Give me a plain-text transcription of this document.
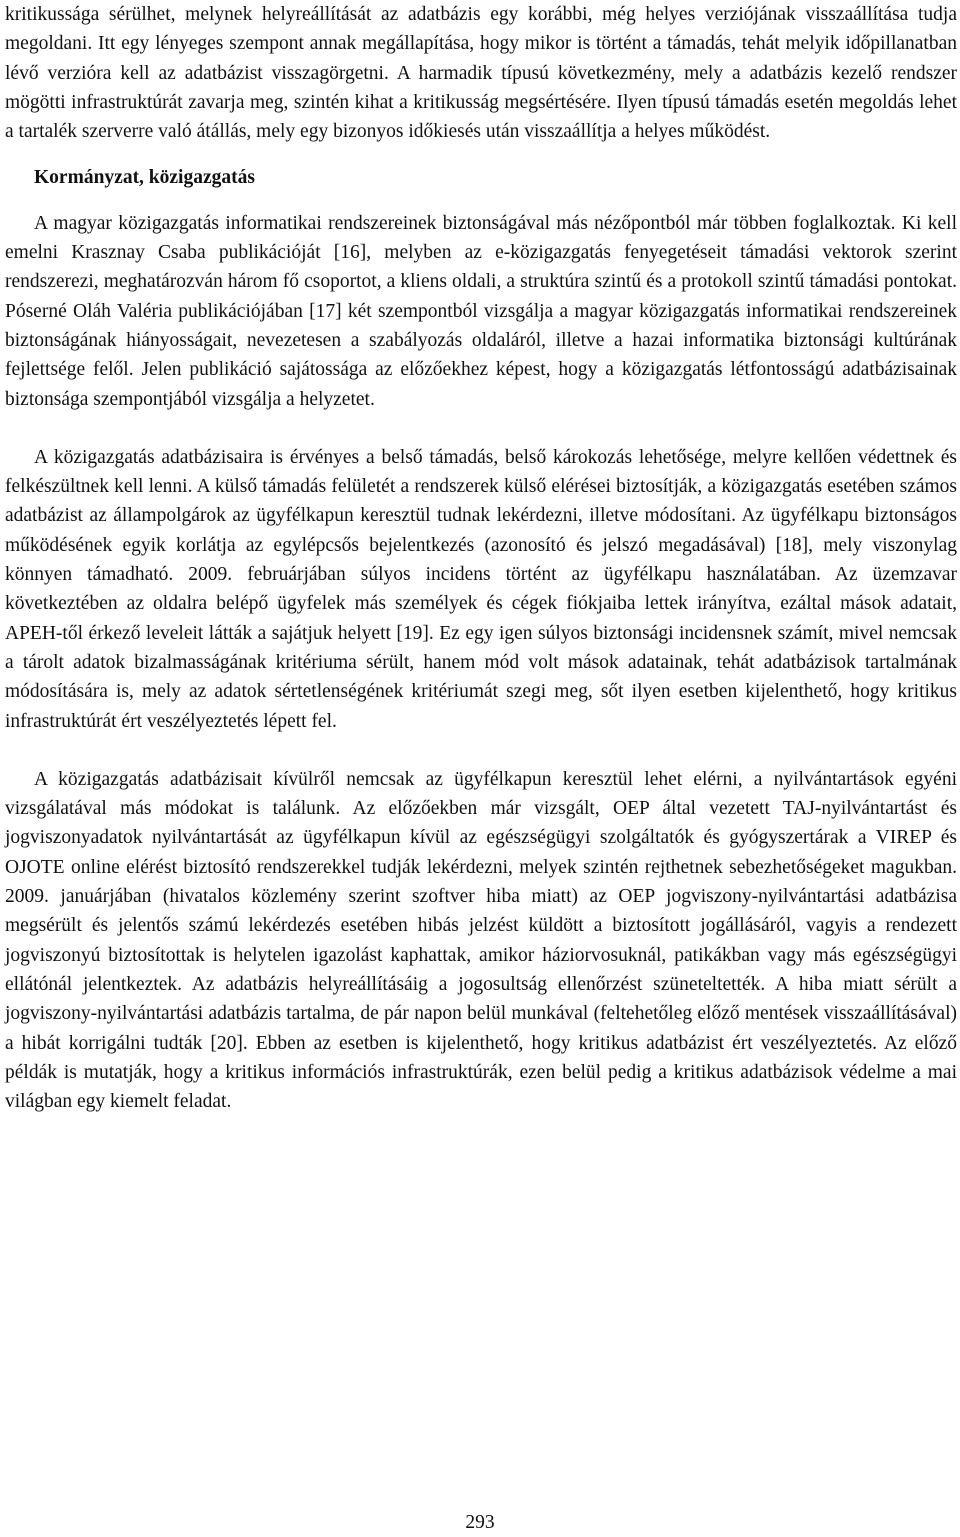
kritikussága sérülhet, melynek helyreállítását az adatbázis egy korábbi, még helyes verziójának visszaállítása tudja megoldani. Itt egy lényeges szempont annak megállapítása, hogy mikor is történt a támadás, tehát melyik időpillanatban lévő verzióra kell az adatbázist visszagörgetni. A harmadik típusú következmény, mely a adatbázis kezelő rendszer mögötti infrastruktúrát zavarja meg, szintén kihat a kritikusság megsértésére. Ilyen típusú támadás esetén megoldás lehet a tartalék szerverre való átállás, mely egy bizonyos időkiesés után visszaállítja a helyes működést.

Kormányzat, közigazgatás

A magyar közigazgatás informatikai rendszereinek biztonságával más nézőpontból már többen foglalkoztak. Ki kell emelni Krasznay Csaba publikációját [16], melyben az e-közigazgatás fenyegetéseit támadási vektorok szerint rendszerezi, meghatározván három fő csoportot, a kliens oldali, a struktúra szintű és a protokoll szintű támadási pontokat. Póserné Oláh Valéria publikációjában [17] két szempontból vizsgálja a magyar közigazgatás informatikai rendszereinek biztonságának hiányosságait, nevezetesen a szabályozás oldaláról, illetve a hazai informatika biztonsági kultúrának fejlettsége felől. Jelen publikáció sajátossága az előzőekhez képest, hogy a közigazgatás létfontosságú adatbázisainak biztonsága szempontjából vizsgálja a helyzetet.

A közigazgatás adatbázisaira is érvényes a belső támadás, belső károkozás lehetősége, melyre kellően védettnek és felkészültnek kell lenni. A külső támadás felületét a rendszerek külső elérései biztosítják, a közigazgatás esetében számos adatbázist az állampolgárok az ügyfélkapun keresztül tudnak lekérdezni, illetve módosítani. Az ügyfélkapu biztonságos működésének egyik korlátja az egylépcsős bejelentkezés (azonosító és jelszó megadásával) [18], mely viszonylag könnyen támadható. 2009. februárjában súlyos incidens történt az ügyfélkapu használatában. Az üzemzavar következtében az oldalra belépő ügyfelek más személyek és cégek fiókjaiba lettek irányítva, ezáltal mások adatait, APEH-től érkező leveleit látták a sajátjuk helyett [19]. Ez egy igen súlyos biztonsági incidensnek számít, mivel nemcsak a tárolt adatok bizalmasságának kritériuma sérült, hanem mód volt mások adatainak, tehát adatbázisok tartalmának módosítására is, mely az adatok sértetlenségének kritériumát szegi meg, sőt ilyen esetben kijelenthető, hogy kritikus infrastruktúrát ért veszélyeztetés lépett fel.

A közigazgatás adatbázisait kívülről nemcsak az ügyfélkapun keresztül lehet elérni, a nyilvántartások egyéni vizsgálatával más módokat is találunk. Az előzőekben már vizsgált, OEP által vezetett TAJ-nyilvántartást és jogviszonyadatok nyilvántartását az ügyfélkapun kívül az egészségügyi szolgáltatók és gyógyszertárak a VIREP és OJOTE online elérést biztosító rendszerekkel tudják lekérdezni, melyek szintén rejthetnek sebezhetőségeket magukban. 2009. januárjában (hivatalos közlemény szerint szoftver hiba miatt) az OEP jogviszony-nyilvántartási adatbázisa megsérült és jelentős számú lekérdezés esetében hibás jelzést küldött a biztosított jogállásáról, vagyis a rendezett jogviszonyú biztosítottak is helytelen igazolást kaphattak, amikor háziorvosuknál, patikákban vagy más egészségügyi ellátónál jelentkeztek. Az adatbázis helyreállításáig a jogosultság ellenőrzést szüneteltették. A hiba miatt sérült a jogviszony-nyilvántartási adatbázis tartalma, de pár napon belül munkával (feltehetőleg előző mentések visszaállításával) a hibát korrigálni tudták [20]. Ebben az esetben is kijelenthető, hogy kritikus adatbázist ért veszélyeztetés. Az előző példák is mutatják, hogy a kritikus információs infrastruktúrák, ezen belül pedig a kritikus adatbázisok védelme a mai világban egy kiemelt feladat.

293
